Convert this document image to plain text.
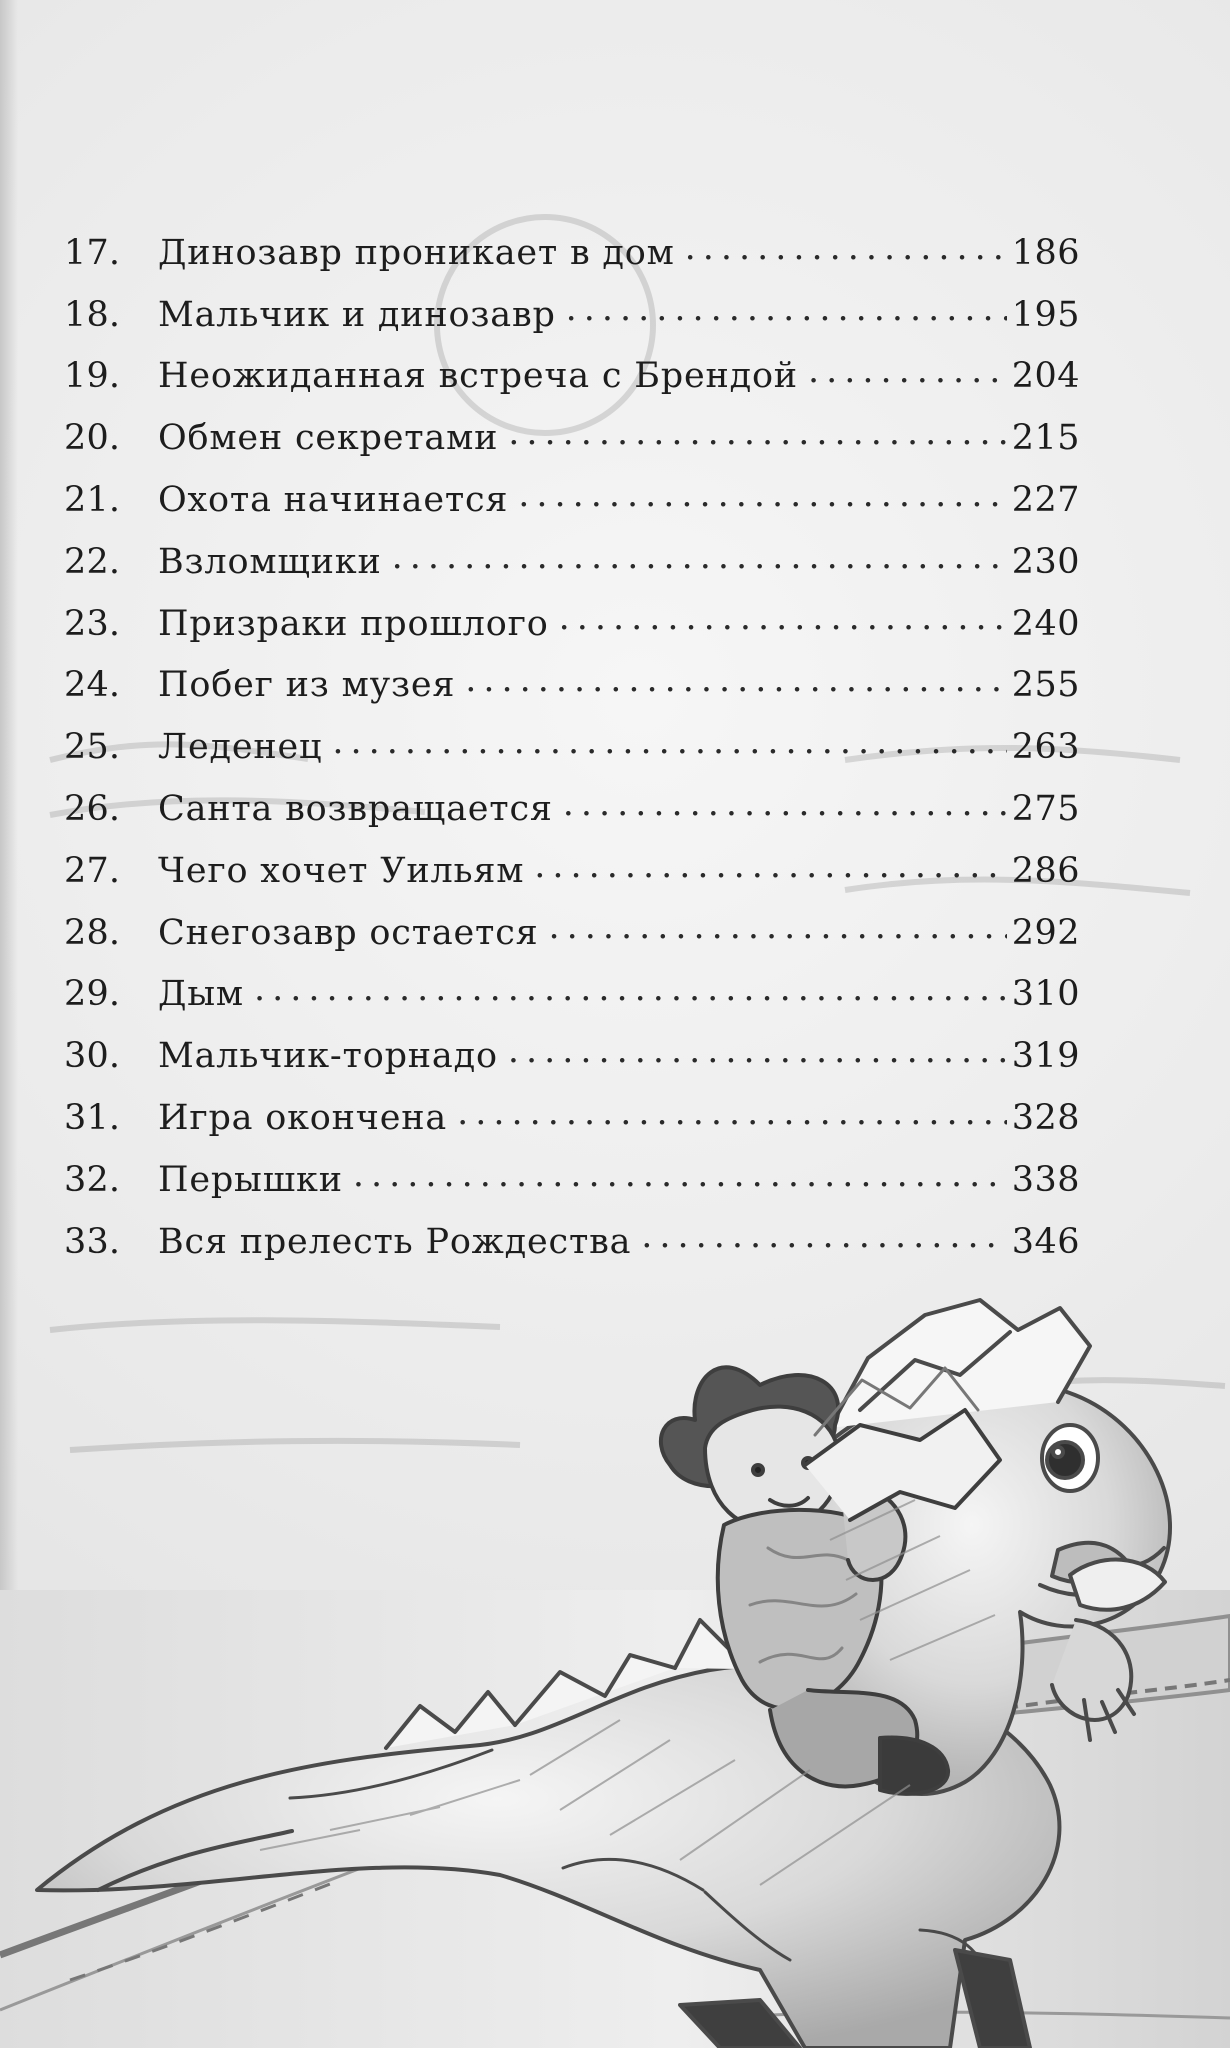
17.	Динозавр проникает в дом .....	186
18.	Мальчик и динозавр .....	195
19.	Неожиданная встреча с Брендой .....	204
20.	Обмен секретами .....	215
21.	Охота начинается .....	227
22.	Взломщики .....	230
23.	Призраки прошлого .....	240
24.	Побег из музея .....	255
25.	Леденец .....	263
26.	Санта возвращается .....	275
27.	Чего хочет Уильям .....	286
28.	Снегозавр остается .....	292
29.	Дым .....	310
30.	Мальчик-торнадо .....	319
31.	Игра окончена .....	328
32.	Перышки .....	338
33.	Вся прелесть Рождества .....	346
